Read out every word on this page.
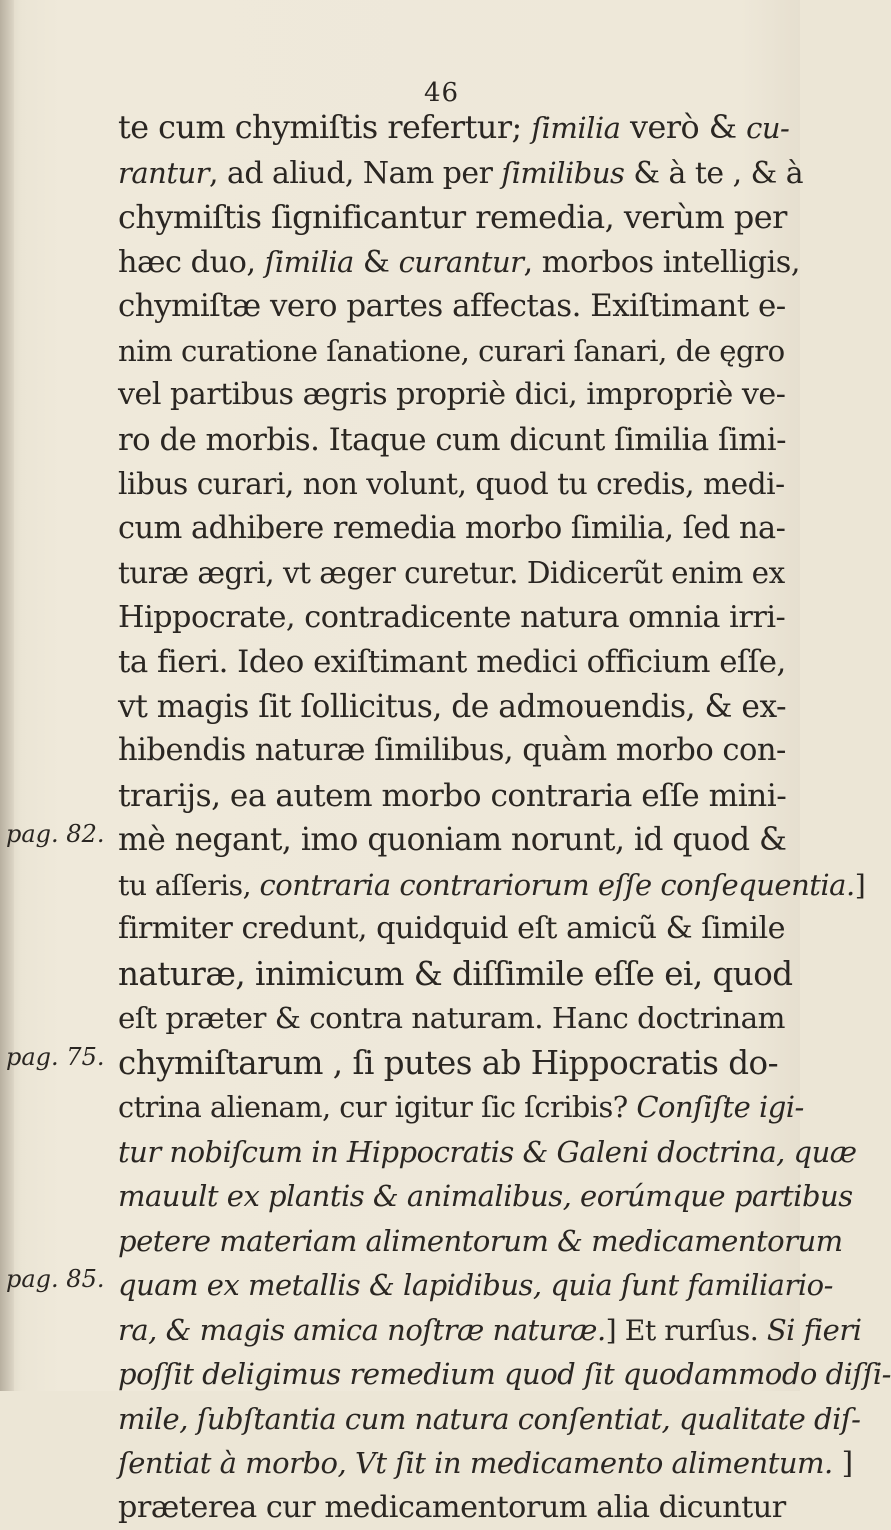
46
te cum chymiſtis refertur; ſimilia verò & cu-
rantur, ad aliud, Nam per ſimilibus & à te , & à
chymiſtis ſignificantur remedia, verùm per
hæc duo, ſimilia & curantur, morbos intelligis,
chymiſtæ vero partes affectas. Exiſtimant e-
nim curatione ſanatione, curari ſanari, de ęgro
vel partibus ægris propriè dici, impropriè ve-
ro de morbis. Itaque cum dicunt ſimilia ſimi-
libus curari, non volunt, quod tu credis, medi-
cum adhibere remedia morbo ſimilia, ſed na-
turæ ægri, vt æger curetur. Didicerũt enim ex
Hippocrate, contradicente natura omnia irri-
ta fieri. Ideo exiſtimant medici officium eſſe,
vt magis ſit ſollicitus, de admouendis, & ex-
hibendis naturæ ſimilibus, quàm morbo con-
trarijs, ea autem morbo contraria eſſe mini-
mè negant, imo quoniam norunt, id quod &
tu aſſeris, contraria contrariorum eſſe conſequentia.]
firmiter credunt, quidquid eſt amicũ & ſimile
naturæ, inimicum & diſſimile eſſe ei, quod
eſt præter & contra naturam. Hanc doctrinam
chymiſtarum , ſi putes ab Hippocratis do-
ctrina alienam, cur igitur ſic ſcribis? Conſiſte igi-
tur nobiſcum in Hippocratis & Galeni doctrina, quæ
mauult ex plantis & animalibus, eorúmque partibus
petere materiam alimentorum & medicamentorum
quam ex metallis & lapidibus, quia ſunt familiario-
ra, & magis amica noſtræ naturæ.] Et rurſus. Si fieri
poſſit deligimus remedium quod ſit quodammodo diſſi-
mile, ſubſtantia cum natura conſentiat, qualitate diſ-
ſentiat à morbo, Vt ſit in medicamento alimentum. ]
præterea cur medicamentorum alia dicuntur
pag. 82.
pag. 75.
pag. 85.
